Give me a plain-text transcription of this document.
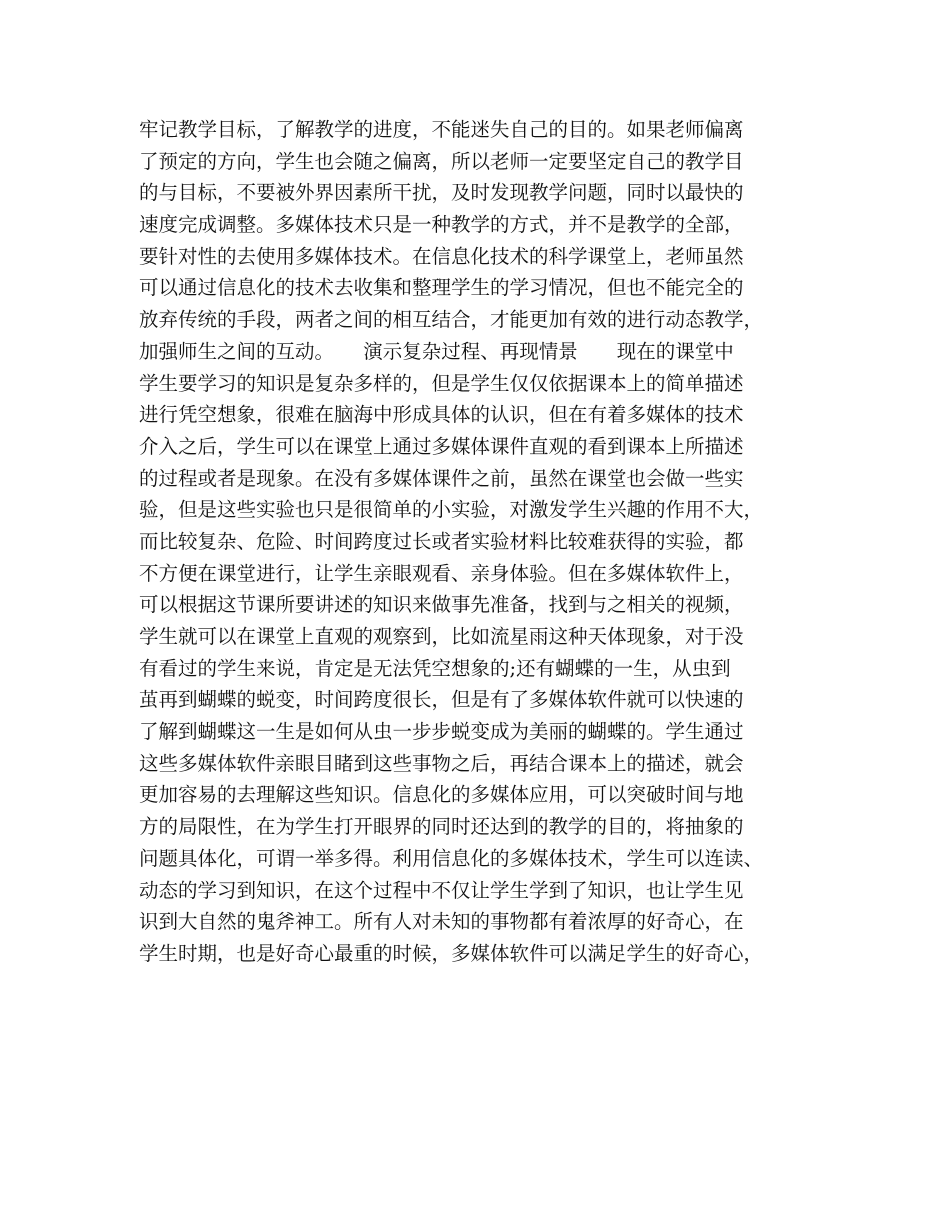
牢记教学目标，了解教学的进度，不能迷失自己的目的。如果老师偏离
了预定的方向，学生也会随之偏离，所以老师一定要坚定自己的教学目
的与目标，不要被外界因素所干扰，及时发现教学问题，同时以最快的
速度完成调整。多媒体技术只是一种教学的方式，并不是教学的全部，
要针对性的去使用多媒体技术。在信息化技术的科学课堂上，老师虽然
可以通过信息化的技术去收集和整理学生的学习情况，但也不能完全的
放弃传统的手段，两者之间的相互结合，才能更加有效的进行动态教学，
加强师生之间的互动。　　演示复杂过程、再现情景　　现在的课堂中
学生要学习的知识是复杂多样的，但是学生仅仅依据课本上的简单描述
进行凭空想象，很难在脑海中形成具体的认识，但在有着多媒体的技术
介入之后，学生可以在课堂上通过多媒体课件直观的看到课本上所描述
的过程或者是现象。在没有多媒体课件之前，虽然在课堂也会做一些实
验，但是这些实验也只是很简单的小实验，对激发学生兴趣的作用不大，
而比较复杂、危险、时间跨度过长或者实验材料比较难获得的实验，都
不方便在课堂进行，让学生亲眼观看、亲身体验。但在多媒体软件上，
可以根据这节课所要讲述的知识来做事先准备，找到与之相关的视频，
学生就可以在课堂上直观的观察到，比如流星雨这种天体现象，对于没
有看过的学生来说，肯定是无法凭空想象的;还有蝴蝶的一生，从虫到
茧再到蝴蝶的蜕变，时间跨度很长，但是有了多媒体软件就可以快速的
了解到蝴蝶这一生是如何从虫一步步蜕变成为美丽的蝴蝶的。学生通过
这些多媒体软件亲眼目睹到这些事物之后，再结合课本上的描述，就会
更加容易的去理解这些知识。信息化的多媒体应用，可以突破时间与地
方的局限性，在为学生打开眼界的同时还达到的教学的目的，将抽象的
问题具体化，可谓一举多得。利用信息化的多媒体技术，学生可以连读、
动态的学习到知识，在这个过程中不仅让学生学到了知识，也让学生见
识到大自然的鬼斧神工。所有人对未知的事物都有着浓厚的好奇心，在
学生时期，也是好奇心最重的时候，多媒体软件可以满足学生的好奇心，
